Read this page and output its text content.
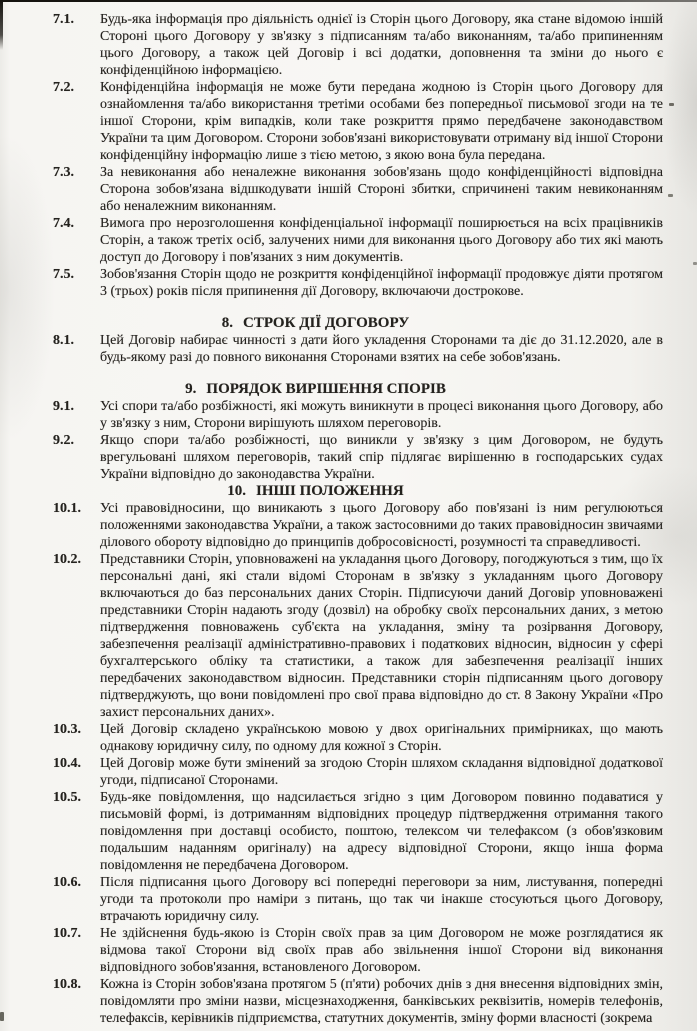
7.1. Будь-яка інформація про діяльність однієї із Сторін цього Договору, яка стане відомою іншій Стороні цього Договору у зв'язку з підписанням та/або виконанням, та/або припиненням цього Договору, а також цей Договір і всі додатки, доповнення та зміни до нього є конфіденційною інформацією.

7.2. Конфіденційна інформація не може бути передана жодною із Сторін цього Договору для ознайомлення та/або використання третіми особами без попередньої письмової згоди на те іншої Сторони, крім випадків, коли таке розкриття прямо передбачене законодавством України та цим Договором. Сторони зобов'язані використовувати отриману від іншої Сторони конфіденційну інформацію лише з тією метою, з якою вона була передана.

7.3. За невиконання або неналежне виконання зобов'язань щодо конфіденційності відповідна Сторона зобов'язана відшкодувати іншій Стороні збитки, спричинені таким невиконанням або неналежним виконанням.

7.4. Вимога про нерозголошення конфіденціальної інформації поширюється на всіх працівників Сторін, а також третіх осіб, залучених ними для виконання цього Договору або тих які мають доступ до Договору і пов'язаних з ним документів.

7.5. Зобов'язання Сторін щодо не розкриття конфіденційної інформації продовжує діяти протягом 3 (трьох) років після припинення дії Договору, включаючи дострокове.

8. СТРОК ДІЇ ДОГОВОРУ

8.1. Цей Договір набирає чинності з дати його укладення Сторонами та діє до 31.12.2020, але в будь-якому разі до повного виконання Сторонами взятих на себе зобов'язань.

9. ПОРЯДОК ВИРІШЕННЯ СПОРІВ

9.1. Усі спори та/або розбіжності, які можуть виникнути в процесі виконання цього Договору, або у зв'язку з ним, Сторони вирішують шляхом переговорів.

9.2. Якщо спори та/або розбіжності, що виникли у зв'язку з цим Договором, не будуть врегульовані шляхом переговорів, такий спір підлягає вирішенню в господарських судах України відповідно до законодавства України.

10. ІНШІ ПОЛОЖЕННЯ

10.1. Усі правовідносини, що виникають з цього Договору або пов'язані із ним регулюються положеннями законодавства України, а також застосовними до таких правовідносин звичаями ділового обороту відповідно до принципів добросовісності, розумності та справедливості.

10.2. Представники Сторін, уповноважені на укладання цього Договору, погоджуються з тим, що їх персональні дані, які стали відомі Сторонам в зв'язку з укладанням цього Договору включаються до баз персональних даних Сторін. Підписуючи даний Договір уповноважені представники Сторін надають згоду (дозвіл) на обробку своїх персональних даних, з метою підтвердження повноважень суб'єкта на укладання, зміну та розірвання Договору, забезпечення реалізації адміністративно-правових і податкових відносин, відносин у сфері бухгалтерського обліку та статистики, а також для забезпечення реалізації інших передбачених законодавством відносин. Представники сторін підписанням цього договору підтверджують, що вони повідомлені про свої права відповідно до ст. 8 Закону України «Про захист персональних даних».

10.3. Цей Договір складено українською мовою у двох оригінальних примірниках, що мають однакову юридичну силу, по одному для кожної з Сторін.

10.4. Цей Договір може бути змінений за згодою Сторін шляхом складання відповідної додаткової угоди, підписаної Сторонами.

10.5. Будь-яке повідомлення, що надсилається згідно з цим Договором повинно подаватися у письмовій формі, із дотриманням відповідних процедур підтвердження отримання такого повідомлення при доставці особисто, поштою, телексом чи телефаксом (з обов'язковим подальшим наданням оригіналу) на адресу відповідної Сторони, якщо інша форма повідомлення не передбачена Договором.

10.6. Після підписання цього Договору всі попередні переговори за ним, листування, попередні угоди та протоколи про наміри з питань, що так чи інакше стосуються цього Договору, втрачають юридичну силу.

10.7. Не здійснення будь-якою із Сторін своїх прав за цим Договором не може розглядатися як відмова такої Сторони від своїх прав або звільнення іншої Сторони від виконання відповідного зобов'язання, встановленого Договором.

10.8. Кожна із Сторін зобов'язана протягом 5 (п'яти) робочих днів з дня внесення відповідних змін, повідомляти про зміни назви, місцезнаходження, банківських реквізитів, номерів телефонів, телефаксів, керівників підприємства, статутних документів, зміну форми власності (зокрема
